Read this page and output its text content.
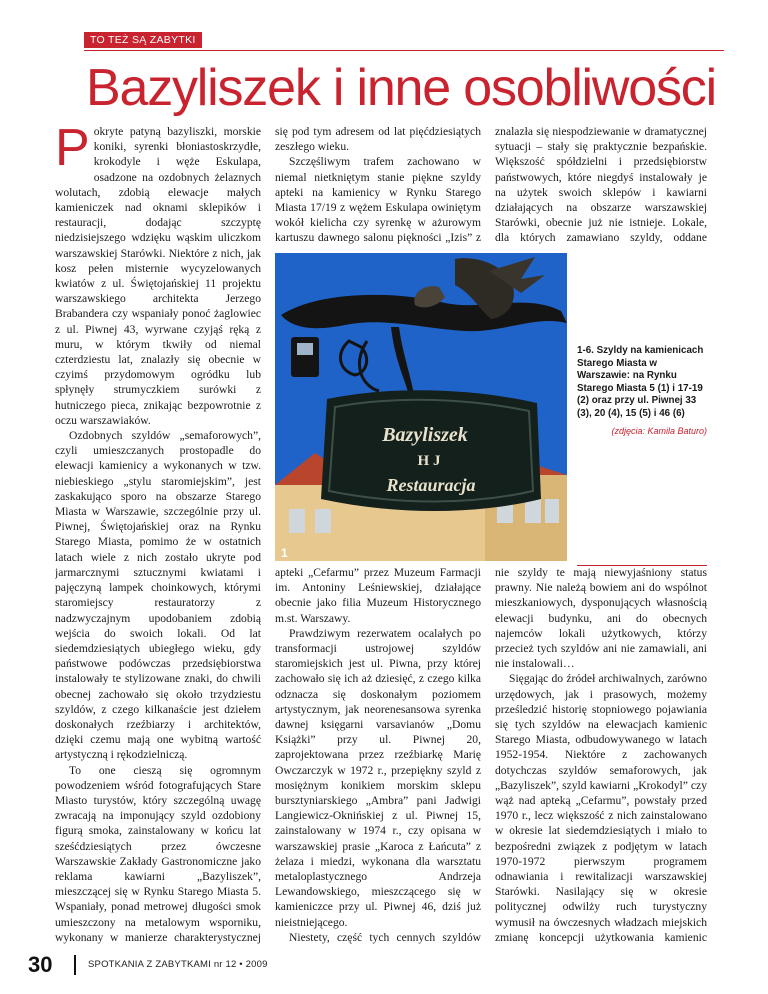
TO TEŻ SĄ ZABYTKI
Bazyliszek i inne osobliwości
P okryte patyną bazyliszki, morskie koniki, syrenki błoniastoskrzydłe, krokodyle i węże Eskulapa, osadzone na ozdobnych żelaznych wolutach, zdobią elewacje małych kamieniczek nad oknami sklepików i restauracji, dodając szczyptę niedzisiejszego wdzięku wąskim uliczkom warszawskiej Starówki. Niektóre z nich, jak kosz pełen misternie wycyzelowanych kwiatów z ul. Świętojańskiej 11 projektu warszawskiego architekta Jerzego Brabandera czy wspaniały ponoć żaglowiec z ul. Piwnej 43, wyrwane czyjąś ręką z muru, w którym tkwiły od niemal czterdziestu lat, znalazły się obecnie w czyimś przydomowym ogródku lub spłynęły strumyczkiem surówki z hutniczego pieca, znikając bezpowrotnie z oczu warszawiaków.

Ozdobnych szyldów „semaforowych”, czyli umieszczanych prostopadle do elewacji kamienicy a wykonanych w tzw. niebieskiego „stylu staromiejskim”, jest zaskakująco sporo na obszarze Starego Miasta w Warszawie, szczególnie przy ul. Piwnej, Świętojańskiej oraz na Rynku Starego Miasta, pomimo że w ostatnich latach wiele z nich zostało ukryte pod jarmarcznymi sztucznymi kwiatami i pajęczyną lampek choinkowych, którymi staromiejscy restauratorzy z nadzwyczajnym upodobaniem zdobią wejścia do swoich lokali. Od lat siedemdziesiątych ubiegłego wieku, gdy państwowe podówczas przedsiębiorstwa instalowały te stylizowane znaki, do chwili obecnej zachowało się około trzydziestu szyldów, z czego kilkanaście jest dziełem doskonałych rzeźbiarzy i architektów, dzięki czemu mają one wybitną wartość artystyczną i rękodzielniczą.

To one cieszą się ogromnym powodzeniem wśród fotografujących Stare Miasto turystów, który szczególną uwagę zwracają na imponujący szyld ozdobiony figurą smoka, zainstalowany w końcu lat sześćdziesiątych przez ówczesne Warszawskie Zakłady Gastronomiczne jako reklama kawiarni „Bazyliszek”, mieszczącej się w Rynku Starego Miasta 5. Wspaniały, ponad metrowej długości smok umieszczony na metalowym wsporniku, wykonany w manierze charakterystycznej

się pod tym adresem od lat pięćdziesiątych zeszłego wieku.

Szczęśliwym trafem zachowano w niemal nietkniętym stanie piękne szyldy apteki na kamienicy w Rynku Starego Miasta 17/19 z wężem Eskulapa owiniętym wokół kielicha czy syrenkę w ażurowym kartuszu dawnego salonu piękności „Izis” z

znalazła się niespodziewanie w dramatycznej sytuacji – stały się praktycznie bezpańskie. Większość spółdzielni i przedsiębiorstw państwowych, które niegdyś instalowały je na użytek swoich sklepów i kawiarni działających na obszarze warszawskiej Starówki, obecnie już nie istnieje. Lokale, dla których zamawiano szyldy, oddane

Bazyliszek
H J
Restauracja
1
1-6. Szyldy na kamienicach Starego Miasta w Warszawie: na Rynku Starego Miasta 5 (1) i 17-19 (2) oraz przy ul. Piwnej 33 (3), 20 (4), 15 (5) i 46 (6)
(zdjęcia: Kamila Baturo)

apteki „Cefarmu” przez Muzeum Farmacji im. Antoniny Leśniewskiej, działające obecnie jako filia Muzeum Historycznego m.st. Warszawy.

Prawdziwym rezerwatem ocalałych po transformacji ustrojowej szyldów staromiejskich jest ul. Piwna, przy której zachowało się ich aż dziesięć, z czego kilka odznacza się doskonałym poziomem artystycznym, jak neorenesansowa syrenka dawnej księgarni varsavianów „Domu Książki” przy ul. Piwnej 20, zaprojektowana przez rzeźbiarkę Marię Owczarczyk w 1972 r., przepiękny szyld z mosiężnym konikiem morskim sklepu bursztyniarskiego „Ambra” pani Jadwigi Langiewicz-Oknińskiej z ul. Piwnej 15, zainstalowany w 1974 r., czy opisana w warszawskiej prasie „Karoca z Łańcuta” z żelaza i miedzi, wykonana dla warsztatu metaloplastycznego Andrzeja Lewandowskiego, mieszczącego się w kamieniczce przy ul. Piwnej 46, dziś już nieistniejącego.

Niestety, część tych cennych szyldów

nie szyldy te mają niewyjaśniony status prawny. Nie należą bowiem ani do wspólnot mieszkaniowych, dysponujących własnością elewacji budynku, ani do obecnych najemców lokali użytkowych, którzy przecież tych szyldów ani nie zamawiali, ani nie instalowali…

Sięgając do źródeł archiwalnych, zarówno urzędowych, jak i prasowych, możemy prześledzić historię stopniowego pojawiania się tych szyldów na elewacjach kamienic Starego Miasta, odbudowywanego w latach 1952-1954. Niektóre z zachowanych dotychczas szyldów semaforowych, jak „Bazyliszek”, szyld kawiarni „Krokodyl” czy wąż nad apteką „Cefarmu”, powstały przed 1970 r., lecz większość z nich zainstalowano w okresie lat siedemdziesiątych i miało to bezpośredni związek z podjętym w latach 1970-1972 pierwszym programem odnawiania i rewitalizacji warszawskiej Starówki. Nasilający się w okresie politycznej odwilży ruch turystyczny wymusił na ówczesnych władzach miejskich zmianę koncepcji użytkowania kamienic

30	SPOTKANIA Z ZABYTKAMI nr 12 • 2009
